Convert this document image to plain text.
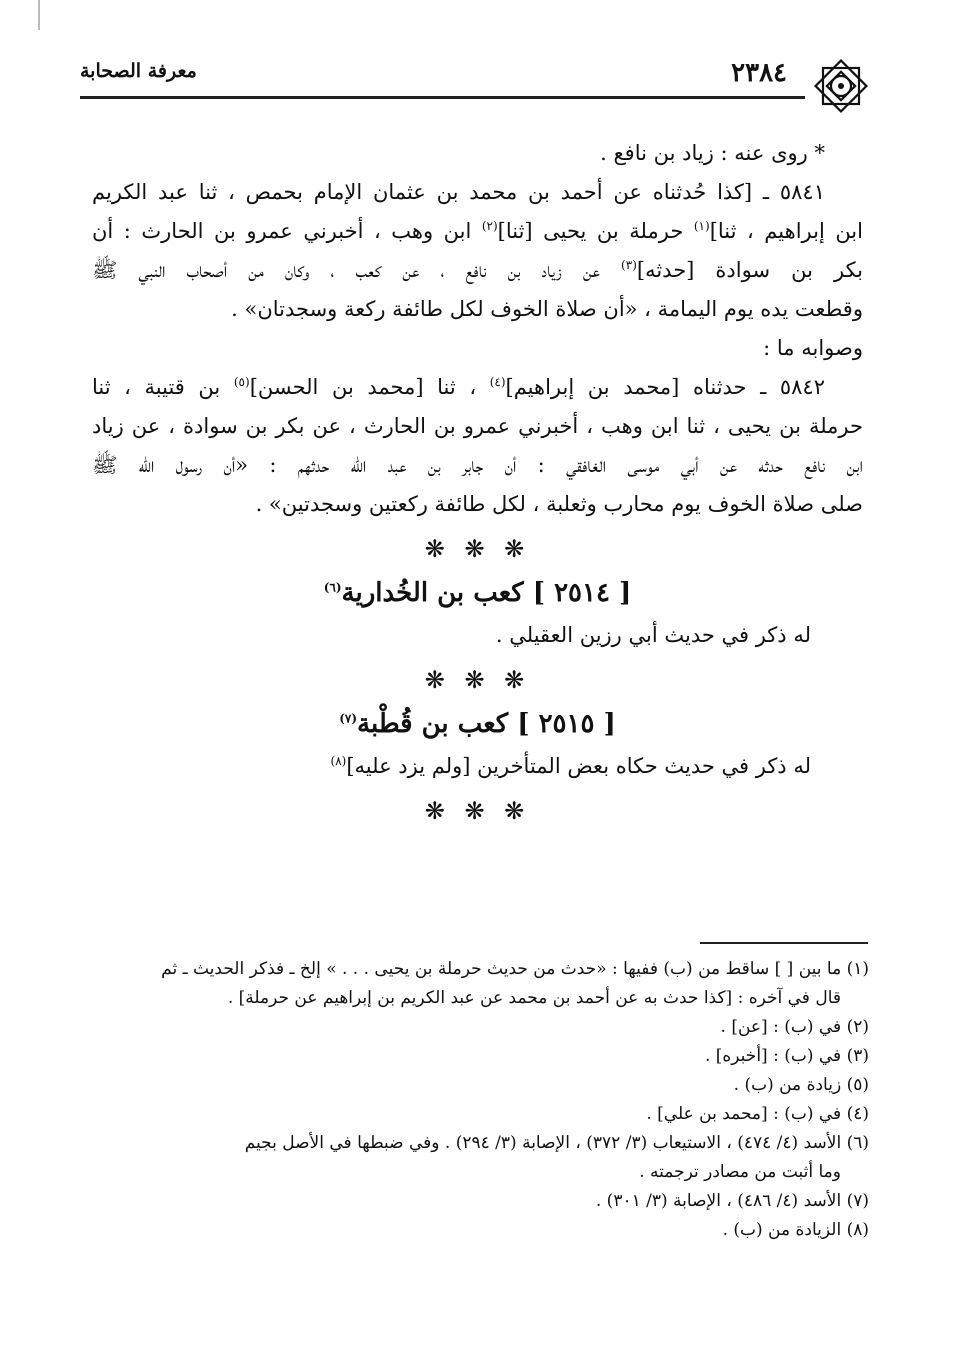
٢٣٨٤
معرفة الصحابة

* روى عنه : زياد بن نافع .

٥٨٤١ ـ [كذا حُدثناه عن أحمد بن محمد بن عثمان الإمام بحمص ، ثنا عبد الكريم

ابن إبراهيم ، ثنا]$^{(١)}$ حرملة بن يحيى [ثنا]$^{(٢)}$ ابن وهب ، أخبرني عمرو بن الحارث : أن

بكر بن سوادة [حدثه]$^{(٣)}$ عن زياد بن نافع ، عن كعب ، وكان من أصحاب النبي ﷺ

وقطعت يده يوم اليمامة ، «أن صلاة الخوف لكل طائفة ركعة وسجدتان» .

وصوابه ما :

٥٨٤٢ ـ حدثناه [محمد بن إبراهيم]$^{(٤)}$ ، ثنا [محمد بن الحسن]$^{(٥)}$ بن قتيبة ، ثنا

حرملة بن يحيى ، ثنا ابن وهب ، أخبرني عمرو بن الحارث ، عن بكر بن سوادة ، عن زياد

ابن نافع حدثه عن أبي موسى الغافقي : أن جابر بن عبد الله حدثهم : «أن رسول الله ﷺ

صلى صلاة الخوف يوم محارب وثعلبة ، لكل طائفة ركعتين وسجدتين» .

❋ ❋ ❋
[ ٢٥١٤ ] كعب بن الخُدارية$^{(٦)}$

له ذكر في حديث أبي رزين العقيلي .

❋ ❋ ❋
[ ٢٥١٥ ] كعب بن قُطْبة$^{(٧)}$

له ذكر في حديث حكاه بعض المتأخرين [ولم يزد عليه]$^{(٨)}$

❋ ❋ ❋
(١) ما بين [ ] ساقط من (ب) ففيها : «حدث من حديث حرملة بن يحيى . . . » إلخ ـ فذكر الحديث ـ ثم
قال في آخره : [كذا حدث به عن أحمد بن محمد عن عبد الكريم بن إبراهيم عن حرملة] .
(٢) في (ب) : [عن] .
(٣) في (ب) : [أخبره] .
(٥) زيادة من (ب) .
(٤) في (ب) : [محمد بن علي] .
(٦) الأسد (٤/ ٤٧٤) ، الاستيعاب (٣/ ٣٧٢) ، الإصابة (٣/ ٢٩٤) . وفي ضبطها في الأصل بجيم
وما أثبت من مصادر ترجمته .
(٧) الأسد (٤/ ٤٨٦) ، الإصابة (٣/ ٣٠١) .
(٨) الزيادة من (ب) .
